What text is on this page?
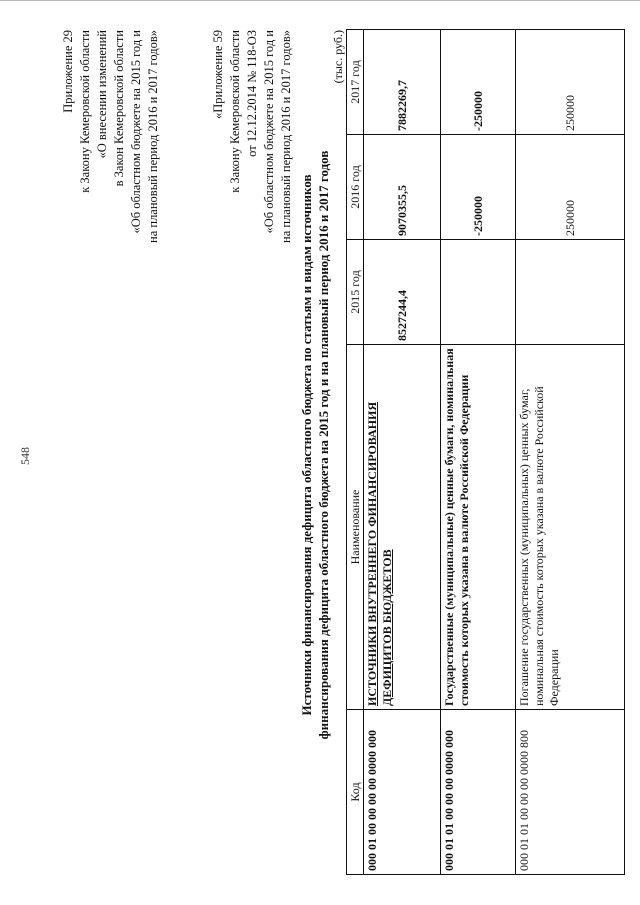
548
Приложение 29 к Закону Кемеровской области «О внесении изменений в Закон Кемеровской области «Об областном бюджете на 2015 год и на плановый период 2016 и 2017 годов»	«Приложение 59 к Закону Кемеровской области от 12.12.2014 № 118-ОЗ «Об областном бюджете на 2015 год и на плановый период 2016 и 2017 годов»
Источники финансирования дефицита областного бюджета по статьям и видам источников финансирования дефицита областного бюджета на 2015 год и на плановый период 2016 и 2017 годов
(тыс. руб.)
Код	Наименование	2015 год	2016 год	2017 год
000 01 00 00 00 00 0000 000	ИСТОЧНИКИ ВНУТРЕННЕГО ФИНАНСИРОВАНИЯ ДЕФИЦИТОВ БЮДЖЕТОВ	8527244,4	9070355,5	7882269,7
000 01 01 00 00 00 0000 000	Государственные (муниципальные) ценные бумаги, номинальная стоимость которых указана в валюте Российской Федерации		-250000	-250000
000 01 01 00 00 00 0000 800	Погашение государственных (муниципальных) ценных бумаг, номинальная стоимость которых указана в валюте Российской Федерации		250000	250000
